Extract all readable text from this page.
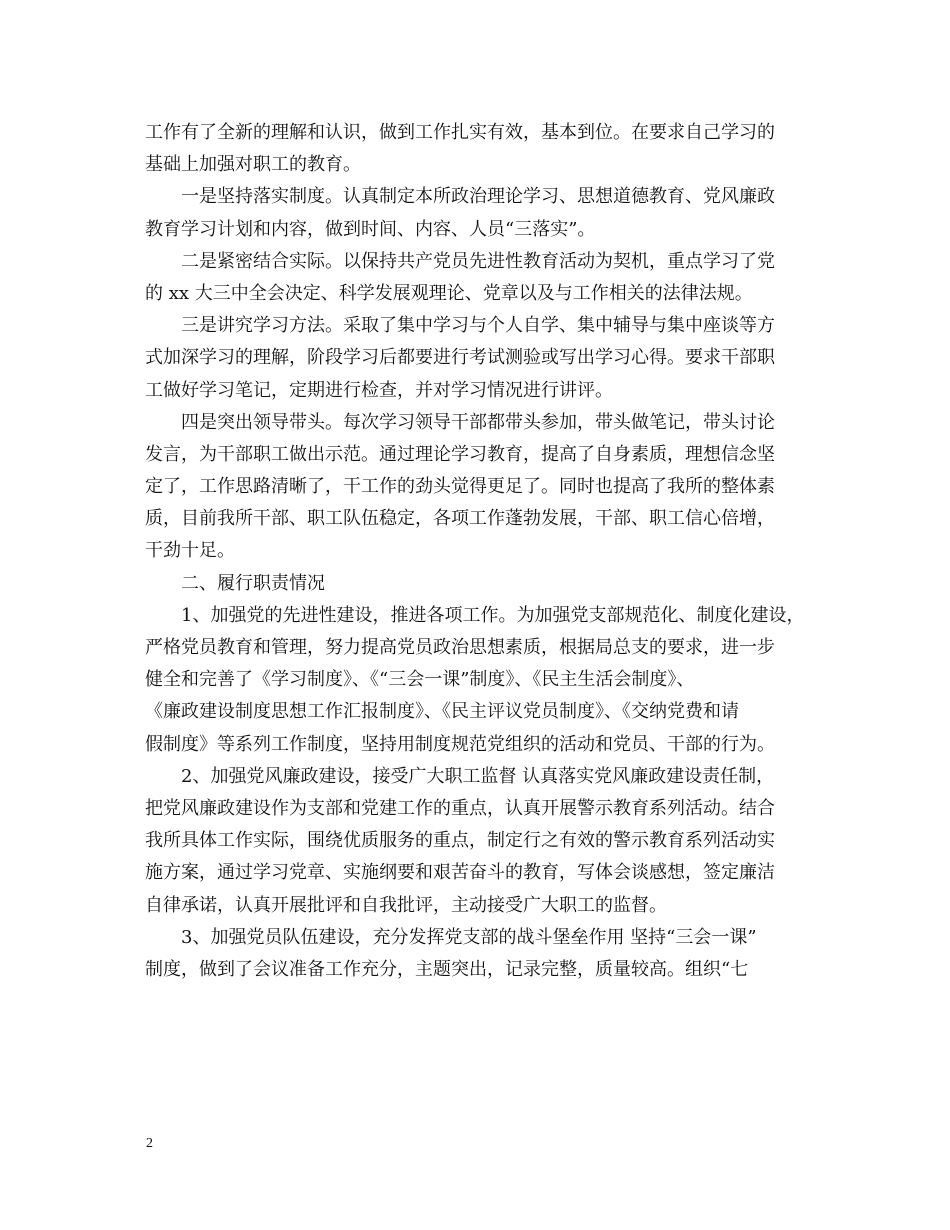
工作有了全新的理解和认识，做到工作扎实有效，基本到位。在要求自己学习的
基础上加强对职工的教育。
一是坚持落实制度。认真制定本所政治理论学习、思想道德教育、党风廉政
教育学习计划和内容，做到时间、内容、人员“三落实”。
二是紧密结合实际。以保持共产党员先进性教育活动为契机，重点学习了党
的 xx 大三中全会决定、科学发展观理论、党章以及与工作相关的法律法规。
三是讲究学习方法。采取了集中学习与个人自学、集中辅导与集中座谈等方
式加深学习的理解，阶段学习后都要进行考试测验或写出学习心得。要求干部职
工做好学习笔记，定期进行检查，并对学习情况进行讲评。
四是突出领导带头。每次学习领导干部都带头参加，带头做笔记，带头讨论
发言，为干部职工做出示范。通过理论学习教育，提高了自身素质，理想信念坚
定了，工作思路清晰了，干工作的劲头觉得更足了。同时也提高了我所的整体素
质，目前我所干部、职工队伍稳定，各项工作蓬勃发展，干部、职工信心倍增，
干劲十足。
二、履行职责情况
1、加强党的先进性建设，推进各项工作。为加强党支部规范化、制度化建设，
严格党员教育和管理，努力提高党员政治思想素质，根据局总支的要求，进一步
健全和完善了《学习制度》、《“三会一课”制度》、《民主生活会制度》、
《廉政建设制度思想工作汇报制度》、《民主评议党员制度》、《交纳党费和请
假制度》等系列工作制度，坚持用制度规范党组织的活动和党员、干部的行为。
2、加强党风廉政建设，接受广大职工监督 认真落实党风廉政建设责任制，
把党风廉政建设作为支部和党建工作的重点，认真开展警示教育系列活动。结合
我所具体工作实际，围绕优质服务的重点，制定行之有效的警示教育系列活动实
施方案，通过学习党章、实施纲要和艰苦奋斗的教育，写体会谈感想，签定廉洁
自律承诺，认真开展批评和自我批评，主动接受广大职工的监督。
3、加强党员队伍建设，充分发挥党支部的战斗堡垒作用 坚持“三会一课”
制度，做到了会议准备工作充分，主题突出，记录完整，质量较高。组织“七
2
